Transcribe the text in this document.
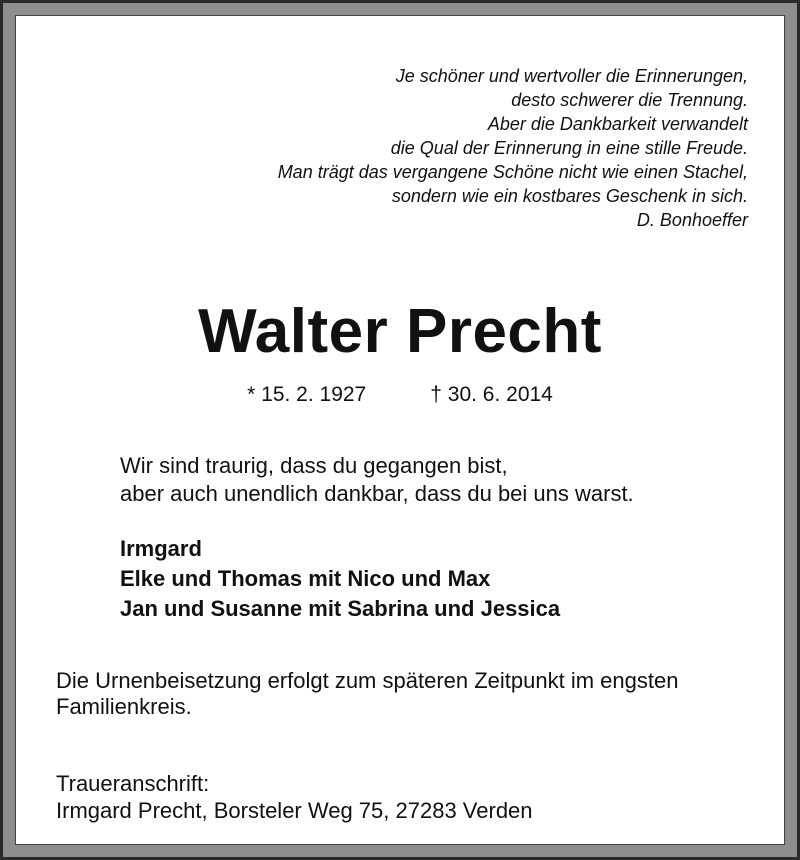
Je schöner und wertvoller die Erinnerungen,
desto schwerer die Trennung.
Aber die Dankbarkeit verwandelt
die Qual der Erinnerung in eine stille Freude.
Man trägt das vergangene Schöne nicht wie einen Stachel,
sondern wie ein kostbares Geschenk in sich.
D. Bonhoeffer
Walter Precht
* 15. 2. 1927	† 30. 6. 2014
Wir sind traurig, dass du gegangen bist,
aber auch unendlich dankbar, dass du bei uns warst.
Irmgard
Elke und Thomas mit Nico und Max
Jan und Susanne mit Sabrina und Jessica
Die Urnenbeisetzung erfolgt zum späteren Zeitpunkt im engsten Familienkreis.
Traueranschrift:
Irmgard Precht, Borsteler Weg 75, 27283 Verden
